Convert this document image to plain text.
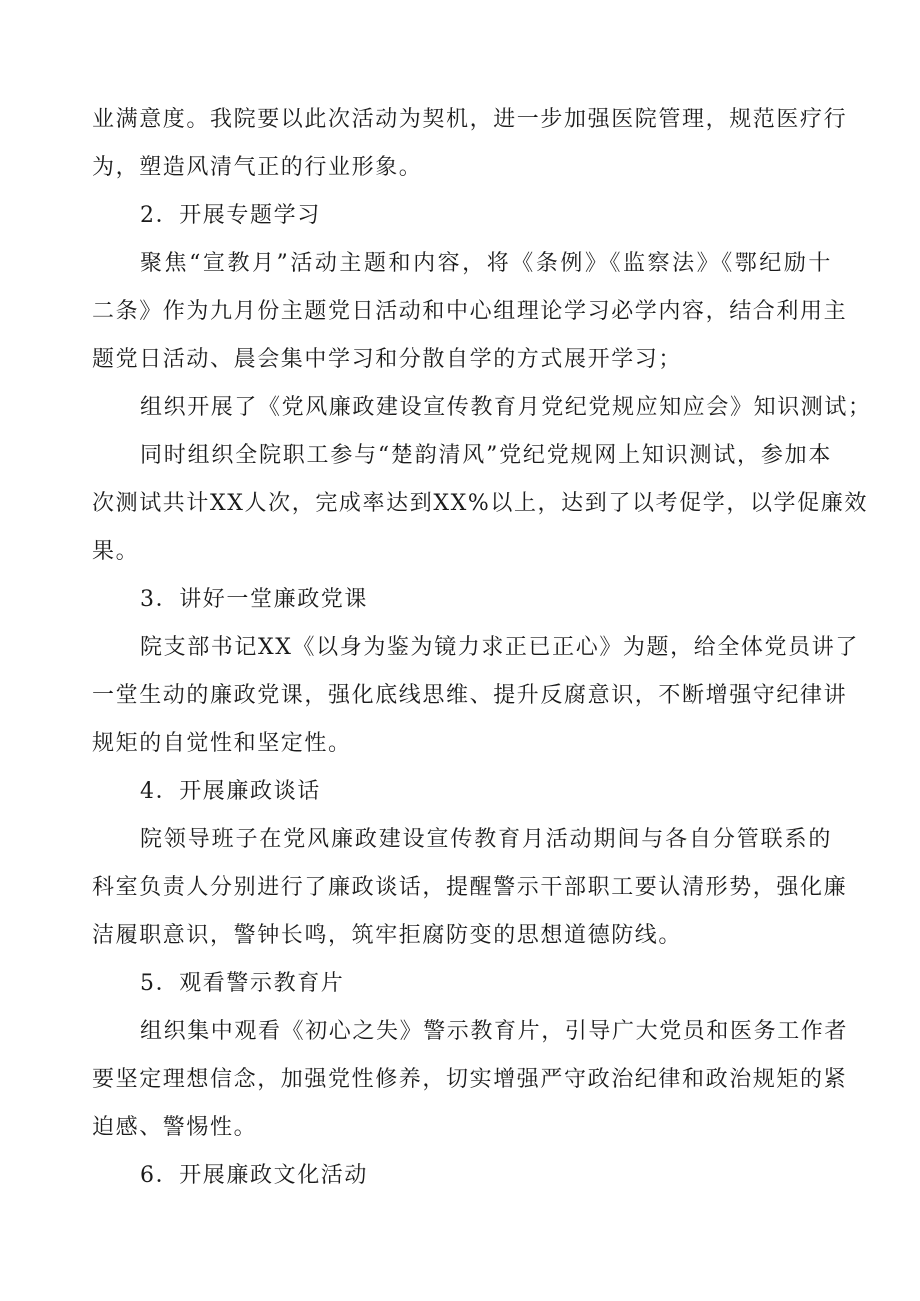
业满意度。我院要以此次活动为契机，进一步加强医院管理，规范医疗行
为，塑造风清气正的行业形象。
2．开展专题学习
聚焦“宣教月”活动主题和内容，将《条例》《监察法》《鄂纪励十
二条》作为九月份主题党日活动和中心组理论学习必学内容，结合利用主
题党日活动、晨会集中学习和分散自学的方式展开学习；
组织开展了《党风廉政建设宣传教育月党纪党规应知应会》知识测试；
同时组织全院职工参与“楚韵清风”党纪党规网上知识测试，参加本
次测试共计XX人次，完成率达到XX%以上，达到了以考促学，以学促廉效
果。
3．讲好一堂廉政党课
院支部书记XX《以身为鉴为镜力求正已正心》为题，给全体党员讲了
一堂生动的廉政党课，强化底线思维、提升反腐意识，不断增强守纪律讲
规矩的自觉性和坚定性。
4．开展廉政谈话
院领导班子在党风廉政建设宣传教育月活动期间与各自分管联系的
科室负责人分别进行了廉政谈话，提醒警示干部职工要认清形势，强化廉
洁履职意识，警钟长鸣，筑牢拒腐防变的思想道德防线。
5．观看警示教育片
组织集中观看《初心之失》警示教育片，引导广大党员和医务工作者
要坚定理想信念，加强党性修养，切实增强严守政治纪律和政治规矩的紧
迫感、警惕性。
6．开展廉政文化活动
